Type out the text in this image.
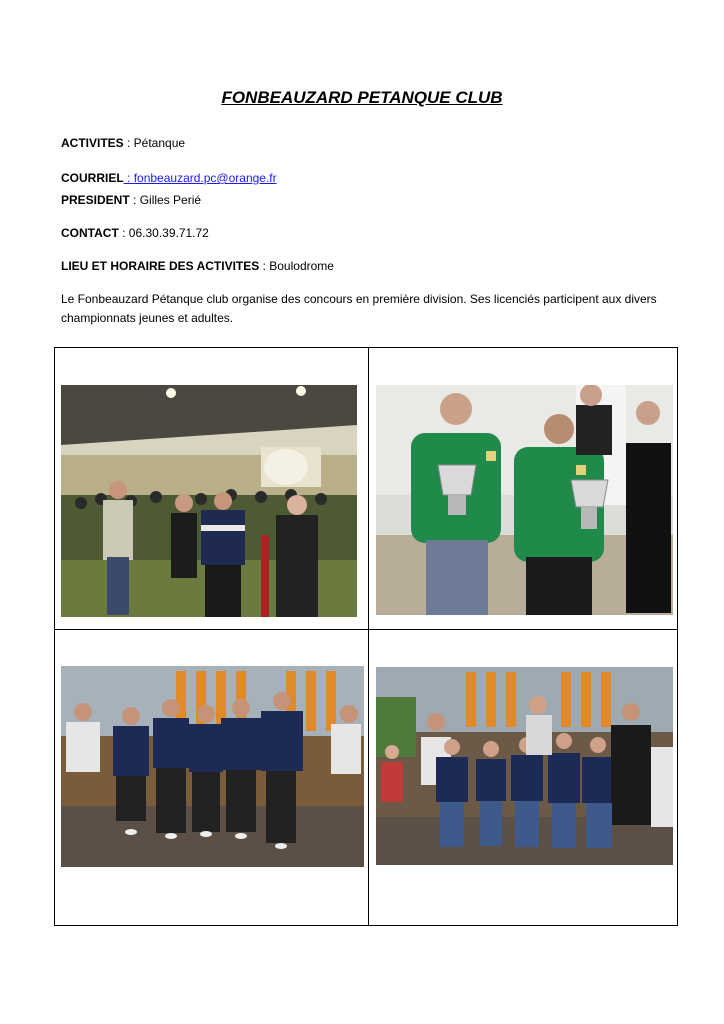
FONBEAUZARD PETANQUE CLUB
ACTIVITES : Pétanque
COURRIEL : fonbeauzard.pc@orange.fr
PRESIDENT : Gilles Perié
CONTACT : 06.30.39.71.72
LIEU ET HORAIRE DES ACTIVITES : Boulodrome
Le Fonbeauzard Pétanque club organise des concours en première division. Ses licenciés participent aux divers championnats jeunes et adultes.
